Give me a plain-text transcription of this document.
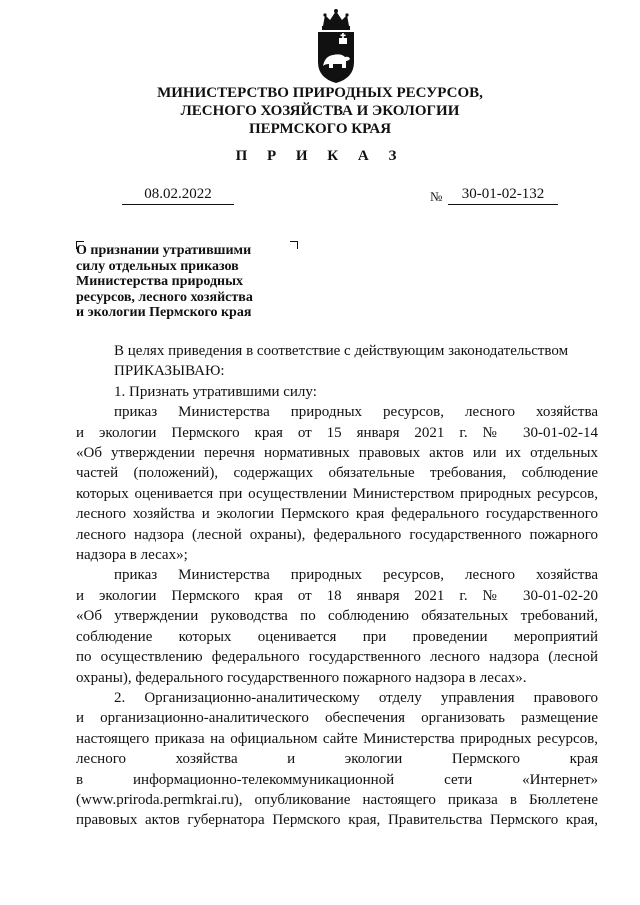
МИНИСТЕРСТВО ПРИРОДНЫХ РЕСУРСОВ,
ЛЕСНОГО ХОЗЯЙСТВА И ЭКОЛОГИИ
ПЕРМСКОГО КРАЯ
П Р И К А З
08.02.2022	№	30-01-02-132
О признании утратившими
силу отдельных приказов
Министерства природных
ресурсов, лесного хозяйства
и экологии Пермского края

В целях приведения в соответствие с действующим законодательством

ПРИКАЗЫВАЮ:

1. Признать утратившими силу:

приказ Министерства природных ресурсов, лесного хозяйства

и экологии Пермского края от 15 января 2021 г. № 30-01-02-14

«Об утверждении перечня нормативных правовых актов или их отдельных

частей (положений), содержащих обязательные требования, соблюдение

которых оценивается при осуществлении Министерством природных ресурсов,

лесного хозяйства и экологии Пермского края федерального государственного

лесного надзора (лесной охраны), федерального государственного пожарного

надзора в лесах»;

приказ Министерства природных ресурсов, лесного хозяйства

и экологии Пермского края от 18 января 2021 г. № 30-01-02-20

«Об утверждении руководства по соблюдению обязательных требований,

соблюдение которых оценивается при проведении мероприятий

по осуществлению федерального государственного лесного надзора (лесной

охраны), федерального государственного пожарного надзора в лесах».

2. Организационно-аналитическому отделу управления правового

и организационно-аналитического обеспечения организовать размещение

настоящего приказа на официальном сайте Министерства природных ресурсов,

лесного хозяйства и экологии Пермского края

в информационно-телекоммуникационной сети «Интернет»

(www.priroda.permkrai.ru), опубликование настоящего приказа в Бюллетене

правовых актов губернатора Пермского края, Правительства Пермского края,
